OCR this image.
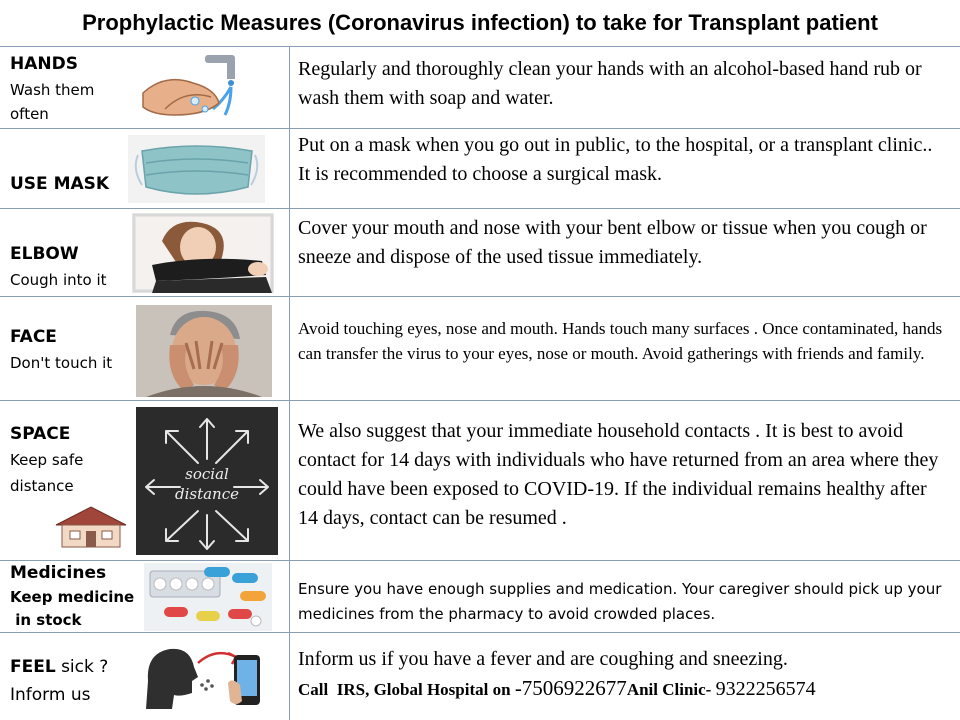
Prophylactic Measures (Coronavirus infection) to take for Transplant patient
HANDS
Wash them
often
Regularly and thoroughly clean your hands with an alcohol-based hand rub or wash them with soap and water.
USE MASK
Put on a mask when you go out in public, to the hospital, or a transplant clinic.. It is recommended to choose a surgical mask.
ELBOW
Cough into it
Cover your mouth and nose with your bent elbow or tissue when you cough or sneeze and dispose of the used tissue immediately.
FACE
Don't touch it
Avoid touching eyes, nose and mouth. Hands touch many surfaces . Once contaminated, hands can transfer the virus to your eyes, nose or mouth. Avoid gatherings with friends and family.
SPACE
Keep safe
distance
social
distance
We also suggest that your immediate household contacts . It is best to avoid contact for 14 days with individuals who have returned from an area where they could have been exposed to COVID-19. If the individual remains healthy after 14 days, contact can be resumed .
Medicines
Keep medicine
in stock
Ensure you have enough supplies and medication. Your caregiver should pick up your medicines from the pharmacy to avoid crowded places.
FEEL sick ?
Inform us
Inform us if you have a fever and are coughing and sneezing.
Call  IRS, Global Hospital on -7506922677Anil Clinic- 9322256574
